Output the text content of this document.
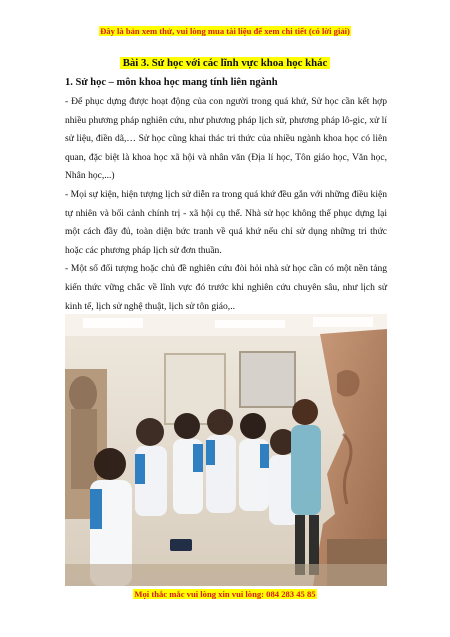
Đây là bản xem thử, vui lòng mua tài liệu để xem chi tiết (có lời giải)
Bài 3. Sử học với các lĩnh vực khoa học khác
1. Sử học – môn khoa học mang tính liên ngành

- Để phục dựng được hoạt động của con người trong quá khứ, Sử học cần kết hợp nhiều phương pháp nghiên cứu, như phương pháp lịch sử, phương pháp lô-gic, xử lí sử liệu, điền dã,… Sử học cũng khai thác tri thức của nhiều ngành khoa học có liên quan, đặc biệt là khoa học xã hội và nhân văn (Địa lí học, Tôn giáo học, Văn học, Nhân học,...)

- Mọi sự kiện, hiện tượng lịch sử diễn ra trong quá khứ đều gắn với những điều kiện tự nhiên và bối cảnh chính trị - xã hội cụ thể. Nhà sử học không thể phục dựng lại một cách đầy đủ, toàn diện bức tranh về quá khứ nếu chỉ sử dụng những tri thức hoặc các phương pháp lịch sử đơn thuần.

- Một số đối tượng hoặc chủ đề nghiên cứu đòi hỏi nhà sử học cần có một nền tảng kiến thức vững chắc về lĩnh vực đó trước khi nghiên cứu chuyên sâu, như lịch sử kinh tế, lịch sử nghệ thuật, lịch sử tôn giáo,..

Mọi thắc mắc vui lòng xin vui lòng: 084 283 45 85
